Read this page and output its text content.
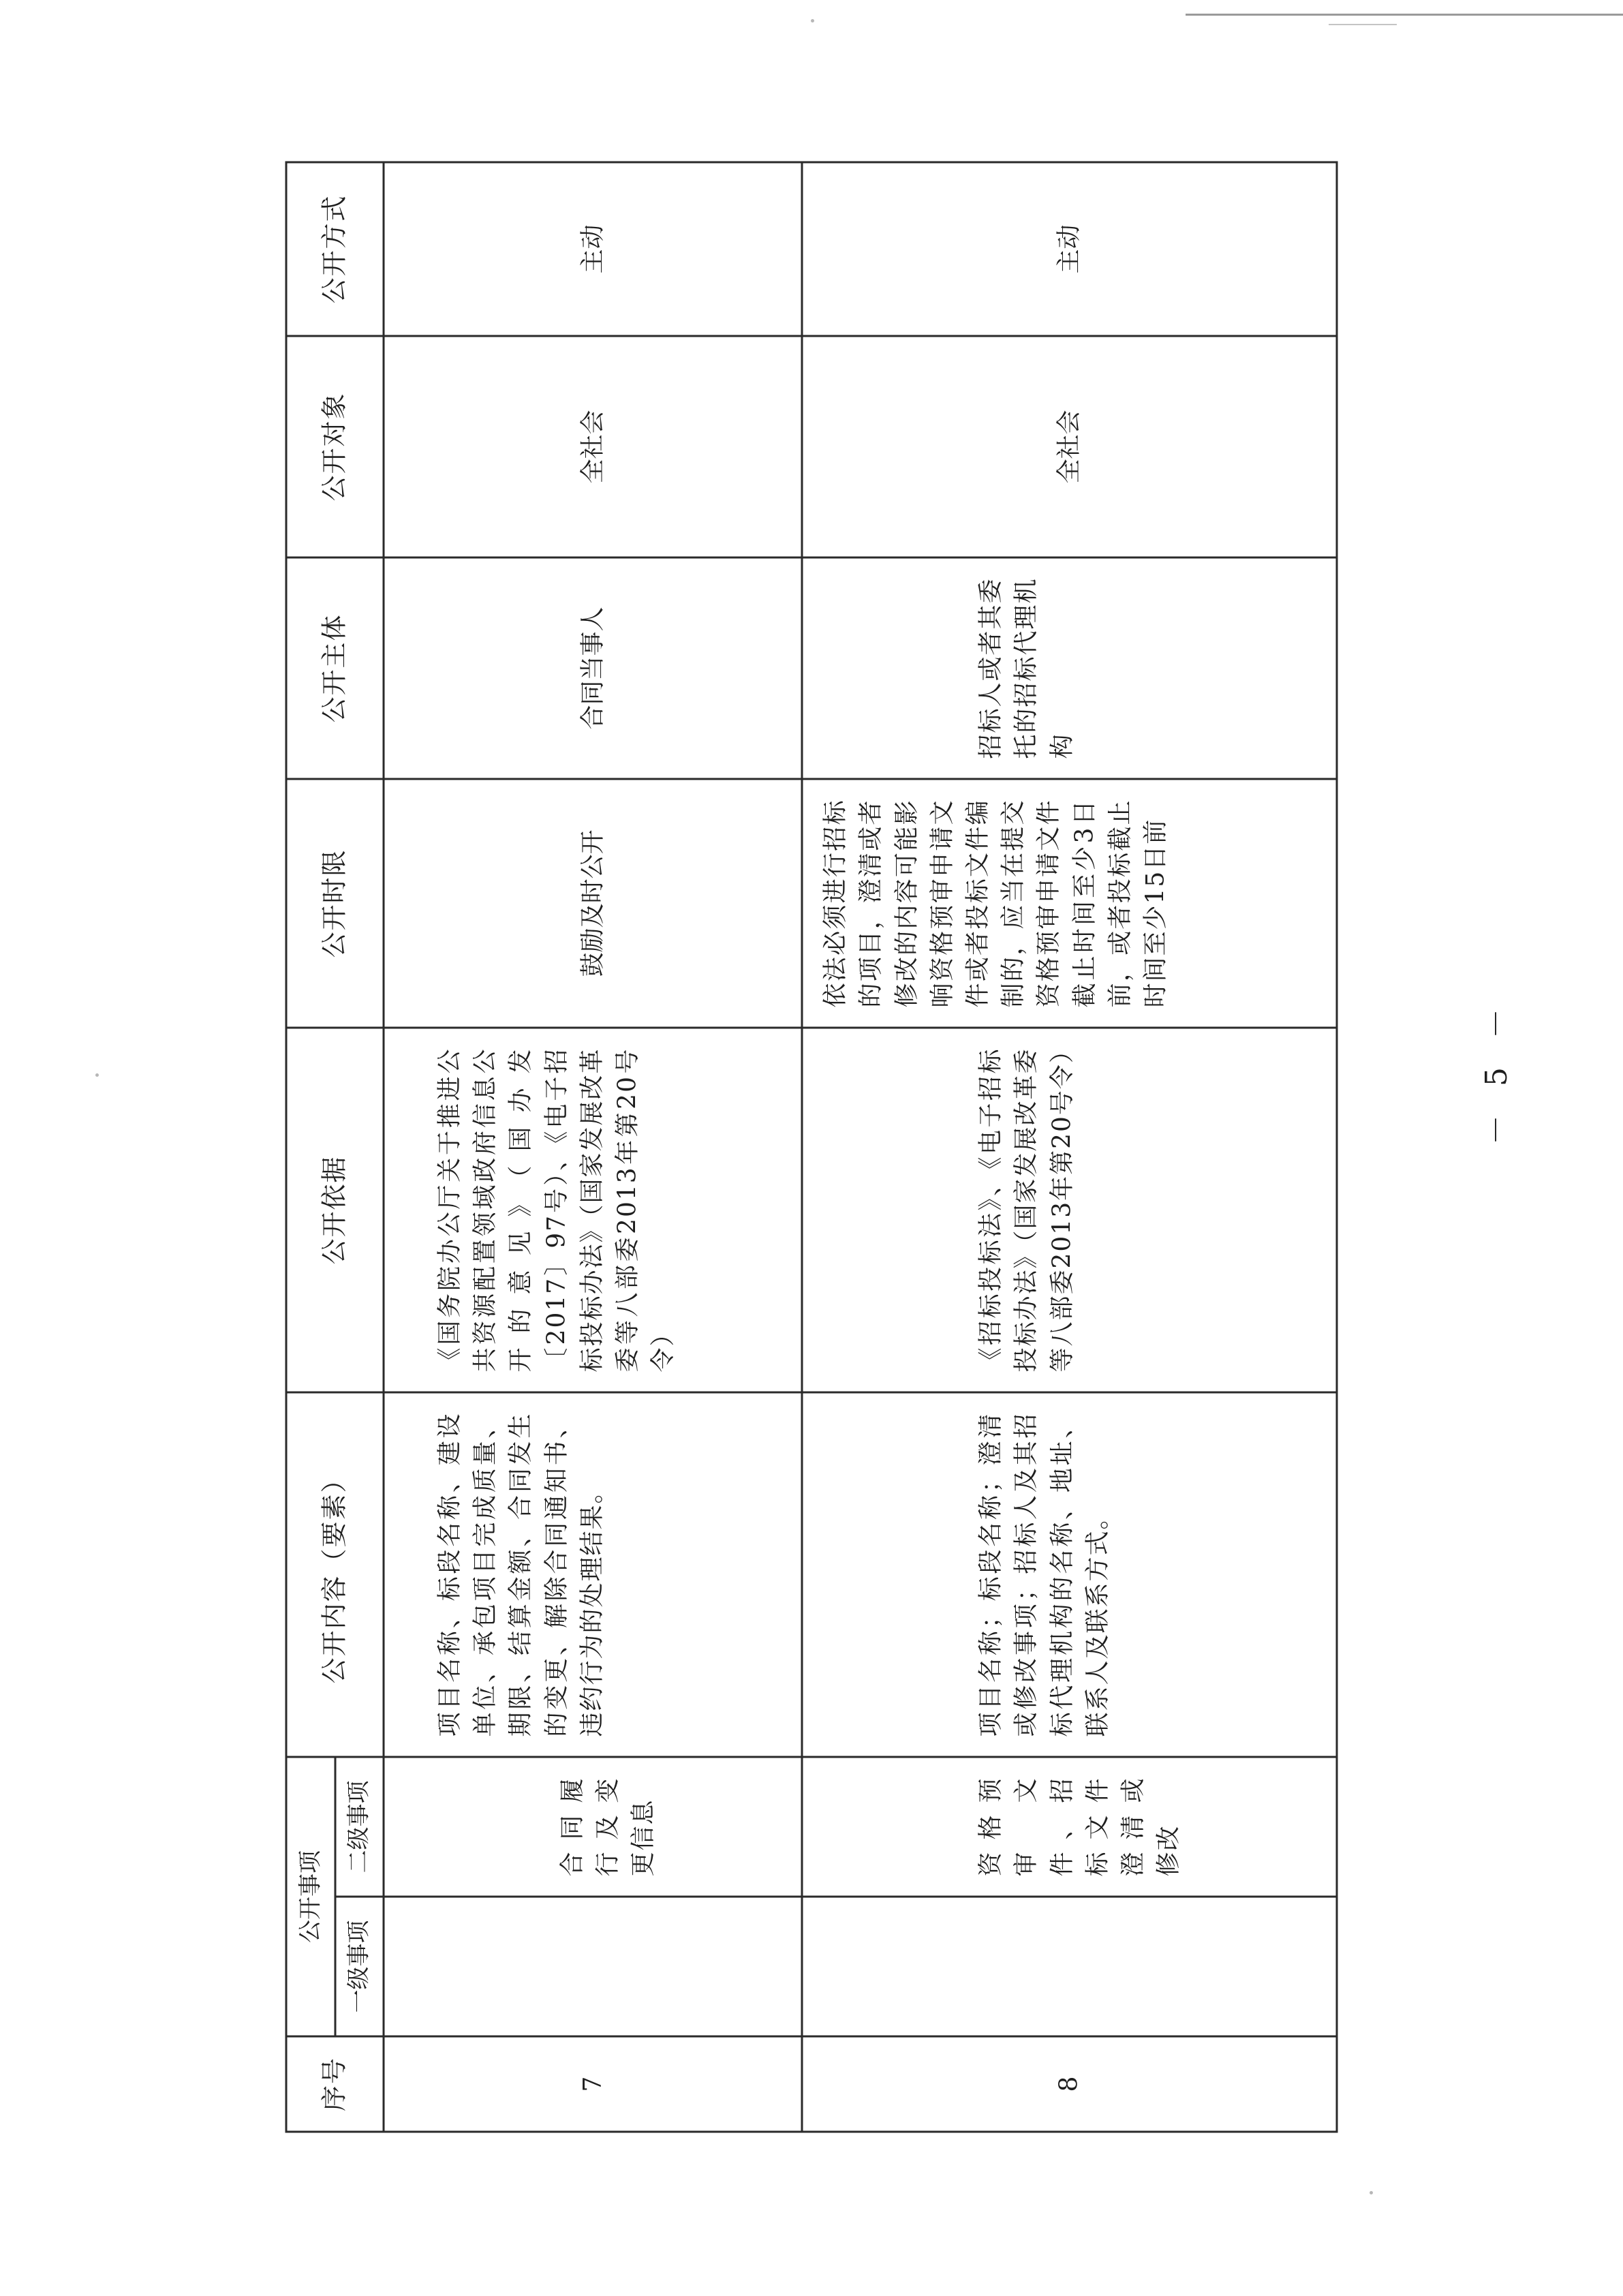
序号	公开事项		公开内容（要素）	公开依据	公开时限	公开主体	公开对象	公开方式
	一级事项	二级事项						
7		合同履行及变更信息	项目名称、标段名称、建设单位、承包项目完成质量、期限、结算金额、合同发生的变更、解除合同通知书、违约行为的处理结果。	《国务院办公厅关于推进公共资源配置领域政府信息公开的意见》（国办发〔2017〕97号）、《电子招标投标办法》（国家发展改革委等八部委2013年第20号令）	鼓励及时公开	合同当事人	全社会	主动
8		资格预审文件、招标文件澄清或修改	项目名称；标段名称；澄清或修改事项；招标人及其招标代理机构的名称、地址、联系人及联系方式。	《招标投标法》、《电子招标投标办法》（国家发展改革委等八部委2013年第20号令）	依法必须进行招标的项目，澄清或者修改的内容可能影响资格预审申请文件或者投标文件编制的，应当在提交资格预审申请文件截止时间至少3日前，或者投标截止时间至少15日前	招标人或者其委托的招标代理机构	全社会	主动
－ 5 －
